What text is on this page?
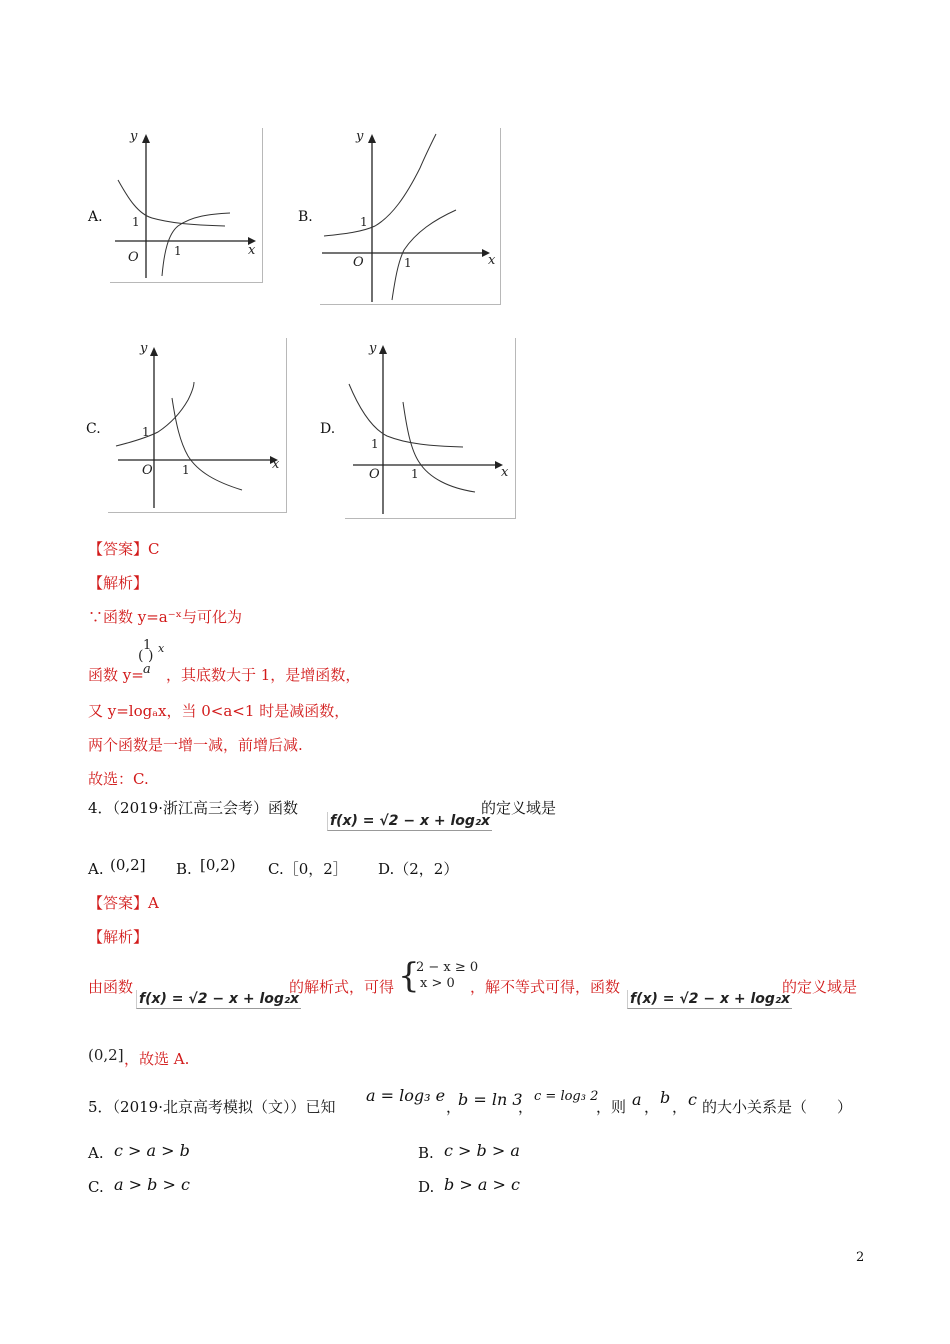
A.
y
x
O
1
1
B.
y
x
O
1
1
C.
y
x
O
1
1
D.
y
x
O
1
1
【答案】C
【解析】
∵函数 y=a⁻ˣ与可化为
函数 y=
1
( )
a
x
，其底数大于 1，是增函数，
又 y=logₐx，当 0<a<1 时是减函数，
两个函数是一增一减，前增后减.
故选：C.
4．（2019·浙江高三会考）函数
f(x) = √2 − x + log₂x
的定义域是
A. (0,2] B. [0,2) C.［0，2］ D.（2，2）
【答案】A
【解析】
由函数
f(x) = √2 − x + log₂x
的解析式，可得 {
2 − x ≥ 0
x > 0	，解不等式可得，函数
f(x) = √2 − x + log₂x
的定义域是
(0,2] ，故选 A.
5．（2019·北京高考模拟（文））已知
a = log₃ e
，
b = ln 3
，
c = log₃ 2
，则 a ， b ， c 的大小关系是（　　）
A. c > a > b	B. c > b > a
C. a > b > c	D. b > a > c
2
